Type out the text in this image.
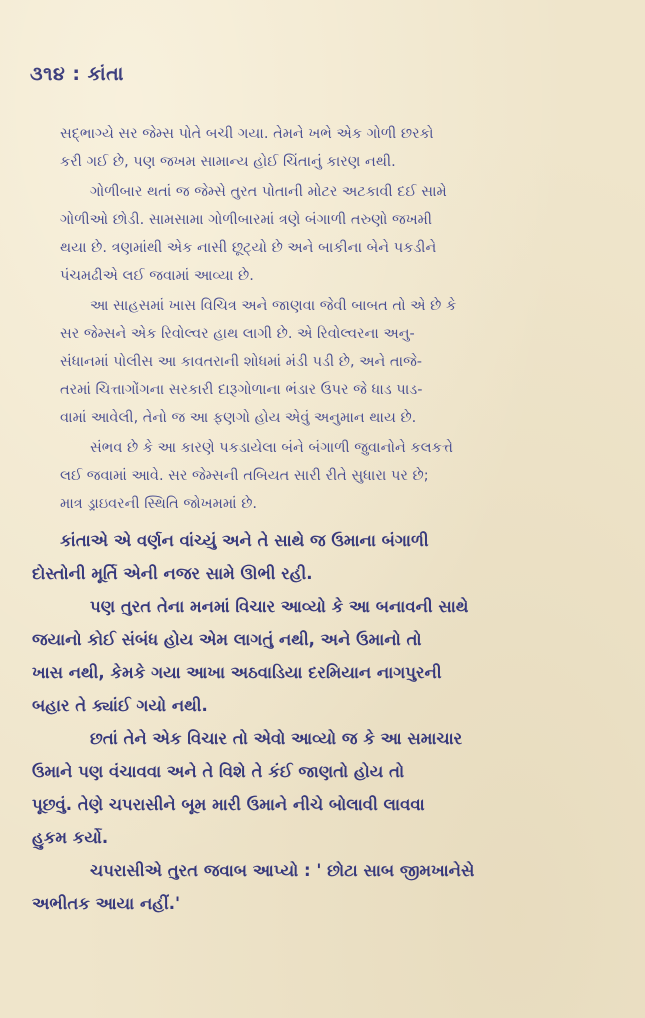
૩૧૪ : કાંતા

સદ્ભાગ્યે સર જેમ્સ પોતે બચી ગયા. તેમને ખભે એક ગોળી છરકો
કરી ગઈ છે, પણ જખમ સામાન્ય હોઈ ચિંતાનું કારણ નથી.

ગોળીબાર થતાં જ જેમ્સે તુરત પોતાની મોટર અટકાવી દઈ સામે
ગોળીઓ છોડી. સામસામા ગોળીબારમાં ત્રણે બંગાળી તરુણો જખમી
થયા છે. ત્રણમાંથી એક નાસી છૂટ્યો છે અને બાકીના બેને પકડીને
પંચમઢીએ લઈ જવામાં આવ્યા છે.

આ સાહસમાં ખાસ વિચિત્ર અને જાણવા જેવી બાબત તો એ છે કે
સર જેમ્સને એક રિવોલ્વર હાથ લાગી છે. એ રિવોલ્વરના અનુ-
સંધાનમાં પોલીસ આ કાવતરાની શોધમાં મંડી પડી છે, અને તાજે-
તરમાં ચિત્તાગોંગના સરકારી દારૂગોળાના ભંડાર ઉપર જે ધાડ પાડ-
વામાં આવેલી, તેનો જ આ ફણગો હોય એવું અનુમાન થાય છે.

સંભવ છે કે આ કારણે પકડાયેલા બંને બંગાળી જુવાનોને કલકત્તે
લઈ જવામાં આવે. સર જેમ્સની તબિયત સારી રીતે સુધારા પર છે;
માત્ર ડ્રાઇવરની સ્થિતિ જોખમમાં છે.

કાંતાએ એ વર્ણન વાંચ્યું અને તે સાથે જ ઉમાના બંગાળી
દોસ્તોની મૂર્તિ એની નજર સામે ઊભી રહી.

પણ તુરત તેના મનમાં વિચાર આવ્યો કે આ બનાવની સાથે
જયાનો કોઈ સંબંધ હોય એમ લાગતું નથી, અને ઉમાનો તો
ખાસ નથી, કેમકે ગયા આખા અઠવાડિયા દરમિયાન નાગપુરની
બહાર તે ક્યાંઈ ગયો નથી.

છતાં તેને એક વિચાર તો એવો આવ્યો જ કે આ સમાચાર
ઉમાને પણ વંચાવવા અને તે વિશે તે કંઈ જાણતો હોય તો
પૂછવું. તેણે ચપરાસીને બૂમ મારી ઉમાને નીચે બોલાવી લાવવા
હુકમ કર્યો.

ચપરાસીએ તુરત જવાબ આપ્યો : ' છોટા સાબ જીમખાનેસે
અભીતક આયા નહીં.'
